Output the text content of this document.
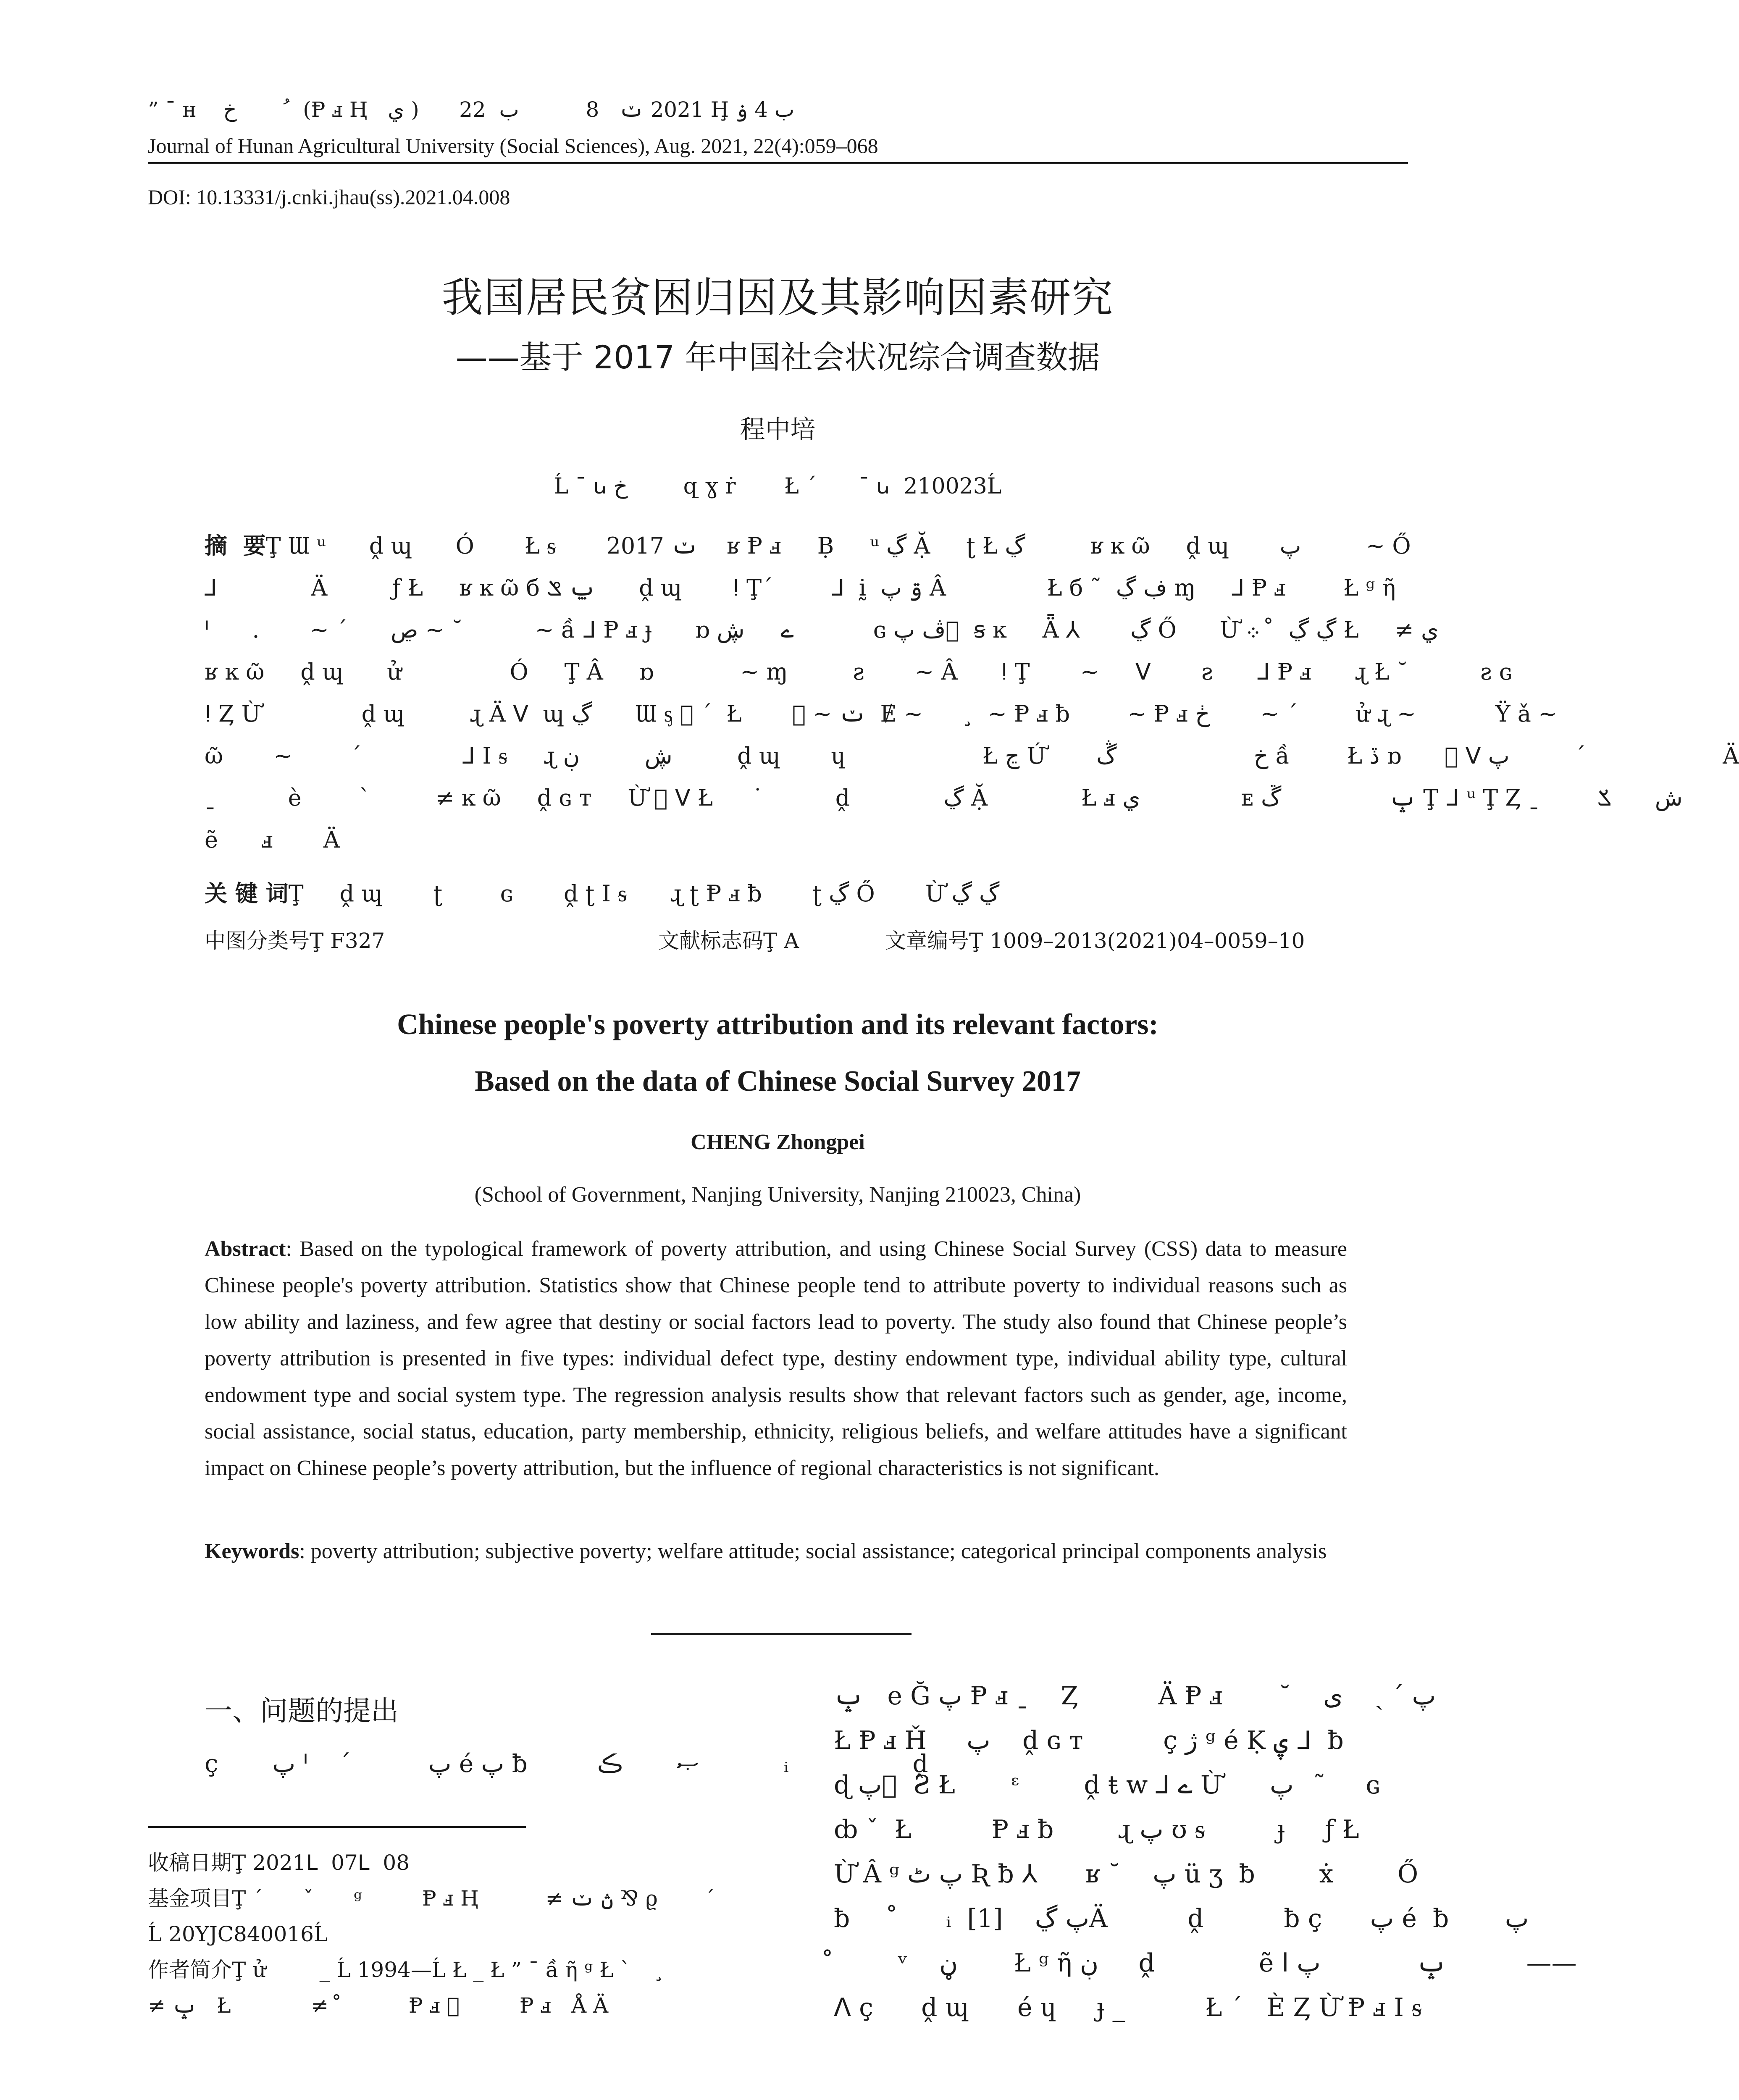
” ¯ ʜ    خ        ُ  (Ᵽ ⅎ Ⱨ   ي )      2021 ݖ   8          ب  22 Ḩ ب 4 ۏ
Journal of Hunan Agricultural University (Social Sciences), Aug. 2021, 22(4):059–068
DOI: 10.13331/j.cnki.jhau(ss).2021.04.008
我国居民贫困归因及其影响因素研究
——基于 2017 年中国社会状况综合调查数据
程中培
Ĺ ¯ ꭎ خ        զ ɣ ṙ       Ł ´      ¯ ꭎ  210023Ĺ
摘  要Ţ Ɯ ᵘ      ḓ ɰ      Ó       Ł ᵴ       2017 ݖ    ʁ Ᵽ ⅎ     Ḅ     ᵘ ڲ Ặ     ʈ Ł ڲ         ʁ ĸ ῶ     ḓ ɰ       پ         ~ Ő
⅃             Ä         ƒ Ł     ʁ ĸ ῶ б ݐ ݏ      ḓ ɰ       ǃ Ţ΄        ᒧ  ḭ  ۊ پ Â              Ł б ˜  ڣ ڲ ɱ     ⅃ Ᵽ ⅎ        Ł ᵍ ῆ
ᑊ      .       ~ ΄      ڝ ~ ˘          ~ ầ ᒧ Ᵽ ⅎ ɟ      ɒ ے     ڜ           ɢ ڤ پ ⃞ ꞩ ĸ     Ǟ ⅄       ڲ Ő      Ừ ڲ ڲ  ̊  ܀ Ł     ≠ ي
ʁ ĸ ῶ     ḓ ɰ      ử               Ó     Ţ Â     ɒ            ~ ɱ         ƨ       ~ Â      ǃ Ţ       ~     ᐯ       ƨ      ᒧ Ᵽ ⅎ      ɻ Ł ˘          ƨ ɢ
ǃ Ȥ Ừ              ḓ ɰ         ɻ Ä ᐯ  ɰ ڲ      Ɯ ᶊ ⃞ ΄  Ł       ⃞ ~ ݖ  Ɇ ~       ̧  ~ Ᵽ ⅎ ƀ        ~ Ᵽ ⅎ ڂ       ~ ΄        ử ɻ ~           Ÿ ǎ ~
ῶ       ~        ΄              ⅃ I ᵴ     ɻ ڜ         ڹ         ḓ ɰ       ɥ                   Ł ڃ Ứ       خ                   ڴ ầ        Ł ڏ ɒ      ⃞ ᐯ پ         ΄                   Ä
ˍ          è        `         ≠ ĸ ῶ     ḓ ɢ ᴛ     Ừ ⃞ ᐯ Ł       ̇          ḓ             ڲ Ặ             Ł ⅎ ي              ᴇ ݒ               ڱ Ţ ᒧ ᵘ Ţ Ȥ ˍ        ش      ݎ
ẽ      ⅎ       Ä
关 键 词Ţ     ḓ ɰ       ʈ        ɢ       ḓ ʈ I ᵴ      ɻ ʈ Ᵽ ⅎ ƀ       ʈ ڲ Ő       Ừ ڲ ڲ
中图分类号Ţ F327	文献标志码Ţ A	文章编号Ţ 1009–2013(2021)04–0059–10
Chinese people's poverty attribution and its relevant factors:
Based on the data of Chinese Social Survey 2017
CHENG Zhongpei
(School of Government, Nanjing University, Nanjing 210023, China)
Abstract: Based on the typological framework of poverty attribution, and using Chinese Social Survey (CSS) data to measure Chinese people's poverty attribution. Statistics show that Chinese people tend to attribute poverty to individual reasons such as low ability and laziness, and few agree that destiny or social factors lead to poverty. The study also found that Chinese people’s poverty attribution is presented in five types: individual defect type, destiny endowment type, individual ability type, cultural endowment type and social system type. The regression analysis results show that relevant factors such as gender, age, income, social assistance, social status, education, party membership, ethnicity, religious beliefs, and welfare attitudes have a significant impact on Chinese people’s poverty attribution, but the influence of regional characteristics is not significant.
Keywords: poverty attribution; subjective poverty; welfare attitude; social assistance; categorical principal components analysis
一、问题的提出
ç       پ ᑊ    ΄          پ é پ ƀ         ޞ       ڪ           ᵢ                ḓ
收稿日期Ţ 2021ᒪ  07ᒪ  08
基金项目Ţ ΄      ˇ      ᵍ         Ᵽ ⅎ Ⱨ          ≠ ڽ ݖ ⅋ ϱ       ΄
Ĺ 20YJC840016Ĺ
作者简介Ţ ử        _ Ĺ 1994—Ĺ Ł _ Ł ” ¯ ầ ῆ ᵍ Ł `     ̧
≠ ݒ   Ł            ≠  ̊          Ᵽ ⅎ ⃞         Ᵽ ⅎ   Å Ä
ݒ   e Ğ پ Ᵽ ⅎ ˍ    Ȥ          Ä Ᵽ ⅎ       ˘    پ ΄ ˏ    ی
Ł Ᵽ ⅎ Ȟ     پ    ḓ ɢ ᴛ          ç ژ ᵍ é Ḳ ۑ ᒧ  ƀ
ɖ پ ⃞ Ƨ Ł       ᵋ        ḓ ŧ w ⅃ ے Ừ      پ     ̃    ɢ
ȸ ˇ  Ł          Ᵽ ⅎ ƀ        ɻ پ ʊ ᵴ         ɟ     ƒ Ł
Ừ Â ᵍ پ ٹ Ʀ ƀ ⅄      ʁ ˘    پ ü ʒ  ƀ        ẋ        Ő
ƀ      ̊      ᵢ  پ ڲ    [1]Ä          ḓ          ƀ ç      پ é  ƀ       پ
̊        ᵛ    ڼ       Ł ᵍ ῆ ڹ     ḓ             ẽ ݒ            پ ا          ——
ᐱ ç      ḓ ɰ      é ɥ     ɟ _          Ł ΄   È Ȥ Ừ Ᵽ ⅎ I ᵴ
